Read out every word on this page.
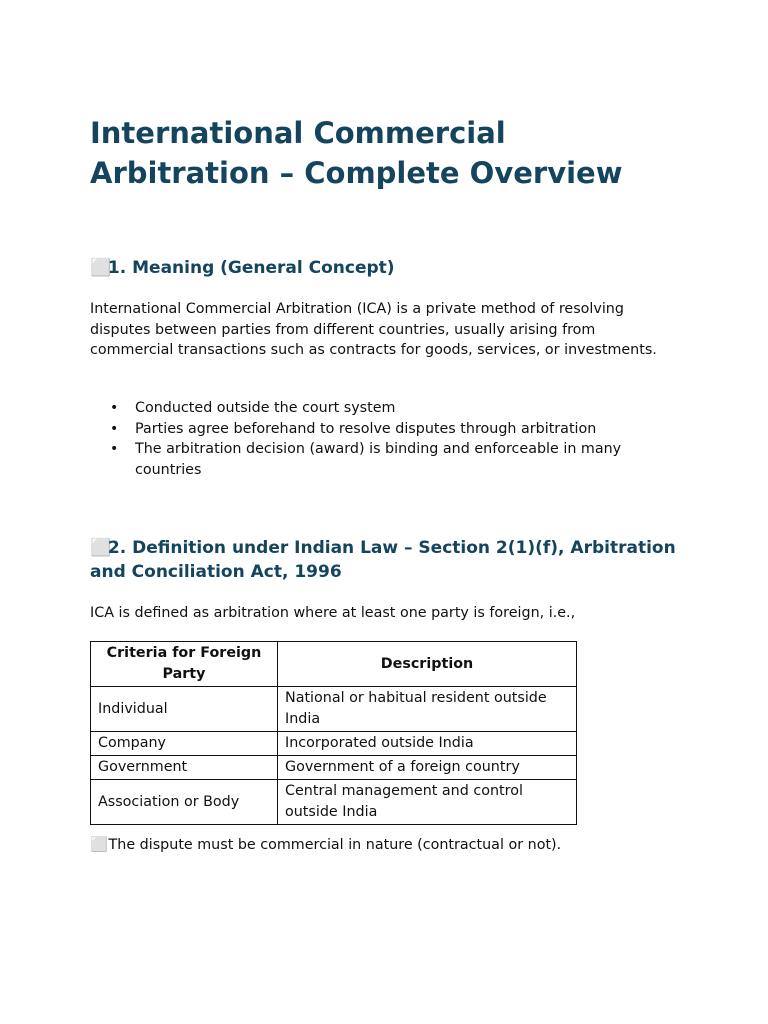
International Commercial Arbitration – Complete Overview
⬜ 1. Meaning (General Concept)

International Commercial Arbitration (ICA) is a private method of resolving disputes between parties from different countries, usually arising from commercial transactions such as contracts for goods, services, or investments.

• Conducted outside the court system
• Parties agree beforehand to resolve disputes through arbitration
• The arbitration decision (award) is binding and enforceable in many countries
⬜ 2. Definition under Indian Law – Section 2(1)(f), Arbitration and Conciliation Act, 1996

ICA is defined as arbitration where at least one party is foreign, i.e.,

Criteria for Foreign Party	Description
Individual	National or habitual resident outside India
Company	Incorporated outside India
Government	Government of a foreign country
Association or Body	Central management and control outside India
⬜ The dispute must be commercial in nature (contractual or not).
